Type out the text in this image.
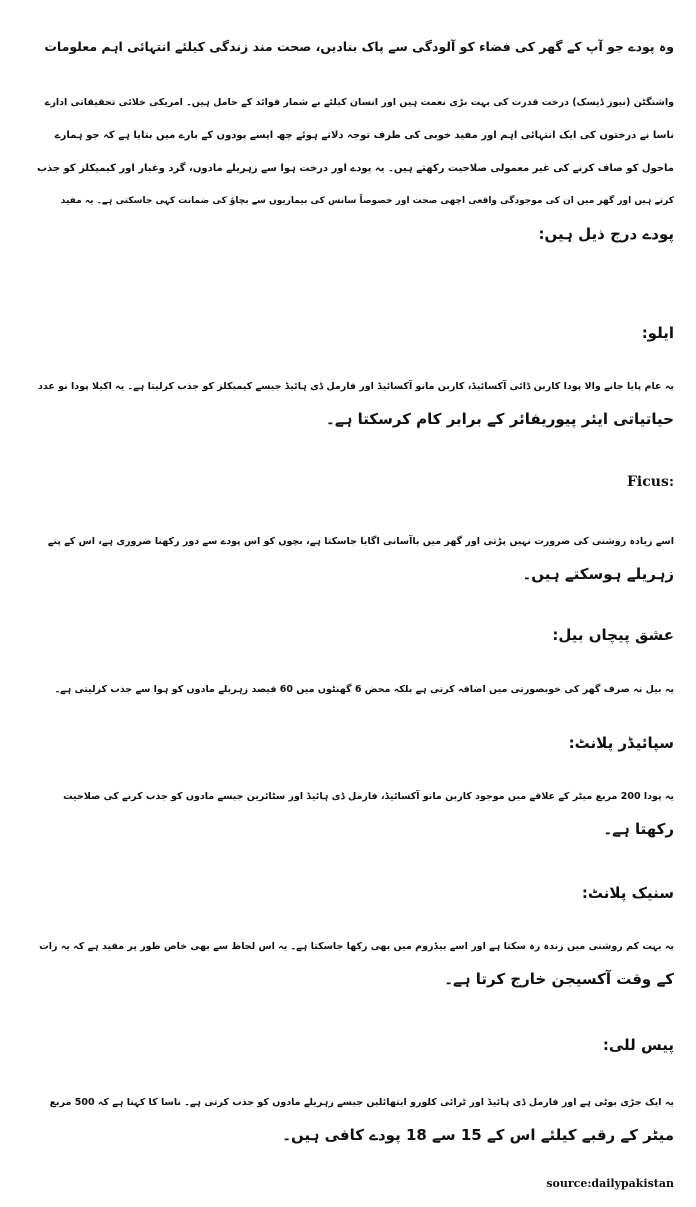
وہ پودے جو آپ کے گھر کی فضاء کو آلودگی سے پاک بنادیں، صحت مند زندگی کیلئے انتہائی اہم معلومات
واشنگٹن (نیوز ڈیسک) درخت قدرت کی بہت بڑی نعمت ہیں اور انسان کیلئے بے شمار فوائد کے حامل ہیں۔ امریکی خلائی تحقیقاتی ادارے
ناسا نے درختوں کی ایک انتہائی اہم اور مفید خوبی کی طرف توجہ دلاتے ہوئے چھ ایسے پودوں کے بارے میں بتایا ہے کہ جو ہمارے
ماحول کو صاف کرنے کی غیر معمولی صلاحیت رکھتے ہیں۔ یہ پودے اور درخت ہوا سے زہریلے مادوں، گرد وغبار اور کیمیکلز کو جذب
کرتے ہیں اور گھر میں ان کی موجودگی واقعی اچھی صحت اور خصوصاً سانس کی بیماریوں سے بچاؤ کی ضمانت کہی جاسکتی ہے۔ یہ مفید
پودے درج ذیل ہیں:
ایلو:
یہ عام پایا جانے والا پودا کاربن ڈائی آکسائیڈ، کاربن مانو آکسائیڈ اور فارمل ڈی ہائیڈ جیسے کیمیکلز کو جذب کرلیتا ہے۔ یہ اکیلا پودا نو عدد
حیاتیاتی ایئر پیوریفائر کے برابر کام کرسکتا ہے۔
Ficus:
اسے زیادہ روشنی کی ضرورت نہیں پڑتی اور گھر میں باآسانی اگایا جاسکتا ہے، بچوں کو اس پودے سے دور رکھنا ضروری ہے، اس کے پتے
زہریلے ہوسکتے ہیں۔
عشق پیچاں بیل:
یہ بیل نہ صرف گھر کی خوبصورتی میں اضافہ کرتی ہے بلکہ محض 6 گھنٹوں میں 60 فیصد زہریلے مادوں کو ہوا سے جذب کرلیتی ہے۔
سپائیڈر پلانٹ:
یہ پودا 200 مربع میٹر کے علاقے میں موجود کاربن مانو آکسائیڈ، فارمل ڈی ہائیڈ اور سٹائرین جیسے مادوں کو جذب کرنے کی صلاحیت
رکھتا ہے۔
سنیک پلانٹ:
یہ بہت کم روشنی میں زندہ رہ سکتا ہے اور اسے بیڈروم میں بھی رکھا جاسکتا ہے۔ یہ اس لحاظ سے بھی خاص طور پر مفید ہے کہ یہ رات
کے وقت آکسیجن خارج کرتا ہے۔
پیس للی:
یہ ایک جڑی بوٹی ہے اور فارمل ڈی ہائیڈ اور ٹرائی کلورو ایتھائلین جیسے زہریلے مادوں کو جذب کرتی ہے۔ ناسا کا کہنا ہے کہ 500 مربع
میٹر کے رقبے کیلئے اس کے 15 سے 18 پودے کافی ہیں۔
source:dailypakistan
